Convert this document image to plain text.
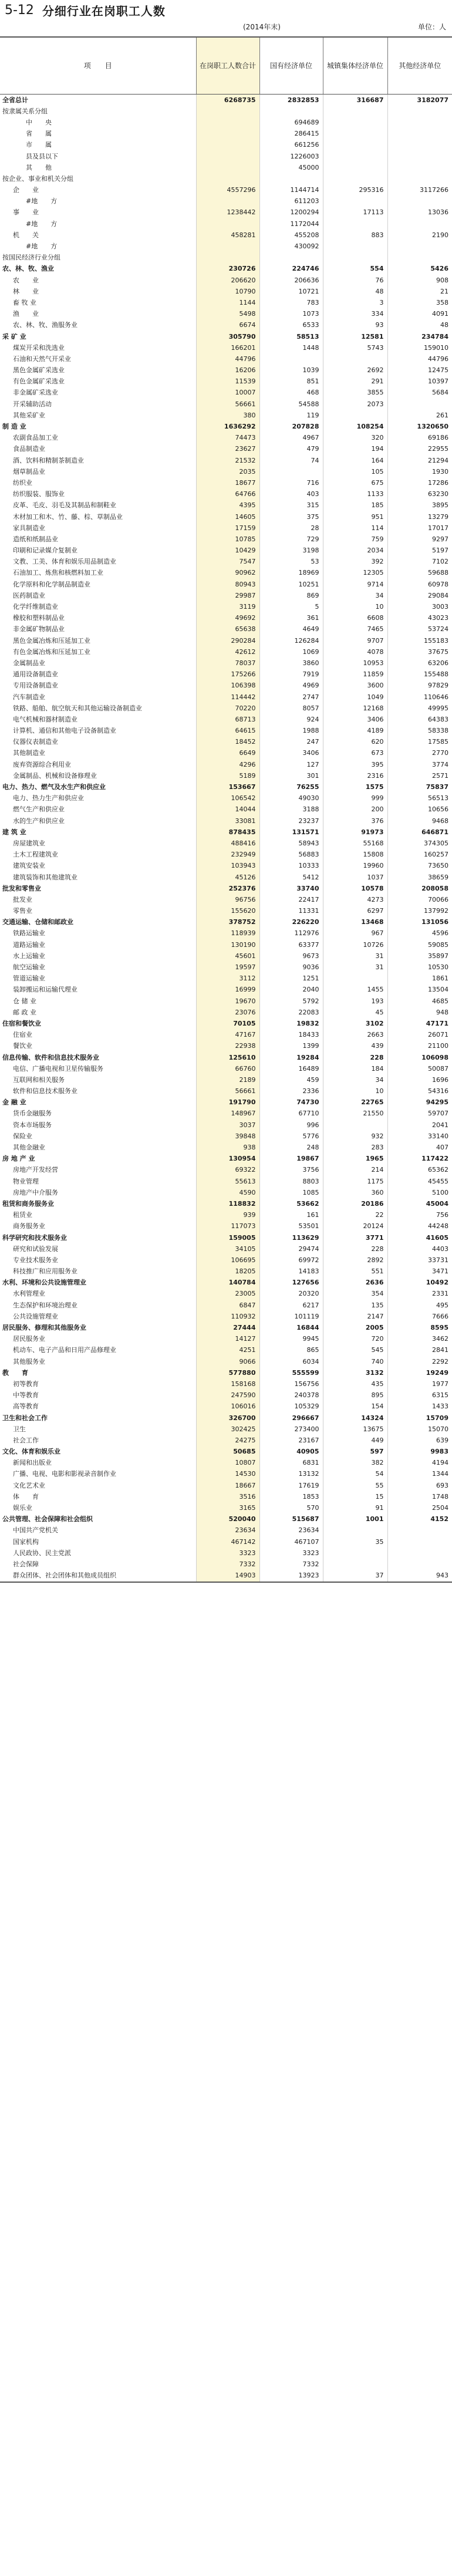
5-12 分细行业在岗职工人数
(2014年末)	单位：人
项　　目	在岗职工人数合计	国有经济单位	城镇集体经济单位	其他经济单位
全省总计	6268735	2832853	316687	3182077
按隶属关系分组				
中　　央		694689		
省　　属		286415		
市　　属		661256		
县及县以下		1226003		
其　　他		45000		
按企业、事业和机关分组				
企　　业	4557296	1144714	295316	3117266
#地　　方		611203		
事　　业	1238442	1200294	17113	13036
#地　　方		1172044		
机　　关	458281	455208	883	2190
#地　　方		430092		
按国民经济行业分组				
农、林、牧、渔业	230726	224746	554	5426
农　　业	206620	206636	76	908
林　　业	10790	10721	48	21
畜 牧 业	1144	783	3	358
渔　　业	5498	1073	334	4091
农、林、牧、渔服务业	6674	6533	93	48
采 矿 业	305790	58513	12581	234784
煤炭开采和洗选业	166201	1448	5743	159010
石油和天然气开采业	44796			44796
黑色金属矿采选业	16206	1039	2692	12475
有色金属矿采选业	11539	851	291	10397
非金属矿采选业	10007	468	3855	5684
开采辅助活动	56661	54588	2073	
其他采矿业	380	119		261
制 造 业	1636292	207828	108254	1320650
农副食品加工业	74473	4967	320	69186
食品制造业	23627	479	194	22955
酒、饮料和精制茶制造业	21532	74	164	21294
烟草制品业	2035		105	1930
纺织业	18677	716	675	17286
纺织服装、服饰业	64766	403	1133	63230
皮革、毛皮、羽毛及其制品和制鞋业	4395	315	185	3895
木材加工和木、竹、藤、棕、草制品业	14605	375	951	13279
家具制造业	17159	28	114	17017
造纸和纸制品业	10785	729	759	9297
印刷和记录媒介复制业	10429	3198	2034	5197
文教、工美、体育和娱乐用品制造业	7547	53	392	7102
石油加工、炼焦和核燃料加工业	90962	18969	12305	59688
化学原料和化学制品制造业	80943	10251	9714	60978
医药制造业	29987	869	34	29084
化学纤维制造业	3119	5	10	3003
橡胶和塑料制品业	49692	361	6608	43023
非金属矿物制品业	65638	4649	7465	53724
黑色金属冶炼和压延加工业	290284	126284	9707	155183
有色金属冶炼和压延加工业	42612	1069	4078	37675
金属制品业	78037	3860	10953	63206
通用设备制造业	175266	7919	11859	155488
专用设备制造业	106398	4969	3600	97829
汽车制造业	114442	2747	1049	110646
铁路、船舶、航空航天和其他运输设备制造业	70220	8057	12168	49995
电气机械和器材制造业	68713	924	3406	64383
计算机、通信和其他电子设备制造业	64615	1988	4189	58338
仪器仪表制造业	18452	247	620	17585
其他制造业	6649	3406	673	2770
废弃资源综合利用业	4296	127	395	3774
金属制品、机械和设备修理业	5189	301	2316	2571
电力、热力、燃气及水生产和供应业	153667	76255	1575	75837
电力、热力生产和供应业	106542	49030	999	56513
燃气生产和供应业	14044	3188	200	10656
水的生产和供应业	33081	23237	376	9468
建 筑 业	878435	131571	91973	646871
房屋建筑业	488416	58943	55168	374305
土木工程建筑业	232949	56883	15808	160257
建筑安装业	103943	10333	19960	73650
建筑装饰和其他建筑业	45126	5412	1037	38659
批发和零售业	252376	33740	10578	208058
批发业	96756	22417	4273	70066
零售业	155620	11331	6297	137992
交通运输、仓储和邮政业	378752	226220	13468	131056
铁路运输业	118939	112976	967	4596
道路运输业	130190	63377	10726	59085
水上运输业	45601	9673	31	35897
航空运输业	19597	9036	31	10530
管道运输业	3112	1251		1861
装卸搬运和运输代理业	16999	2040	1455	13504
仓 储 业	19670	5792	193	4685
邮 政 业	23076	22083	45	948
住宿和餐饮业	70105	19832	3102	47171
住宿业	47167	18433	2663	26071
餐饮业	22938	1399	439	21100
信息传输、软件和信息技术服务业	125610	19284	228	106098
电信、广播电视和卫星传输服务	66760	16489	184	50087
互联网和相关服务	2189	459	34	1696
软件和信息技术服务业	56661	2336	10	54316
金 融 业	191790	74730	22765	94295
货币金融服务	148967	67710	21550	59707
资本市场服务	3037	996		2041
保险业	39848	5776	932	33140
其他金融业	938	248	283	407
房 地 产 业	130954	19867	1965	117422
房地产开发经营	69322	3756	214	65362
物业管理	55613	8803	1175	45455
房地产中介服务	4590	1085	360	5100
租赁和商务服务业	118832	53662	20186	45004
租赁业	939	161	22	756
商务服务业	117073	53501	20124	44248
科学研究和技术服务业	159005	113629	3771	41605
研究和试验发展	34105	29474	228	4403
专业技术服务业	106695	69972	2892	33731
科技推广和应用服务业	18205	14183	551	3471
水利、环境和公共设施管理业	140784	127656	2636	10492
水利管理业	23005	20320	354	2331
生态保护和环境治理业	6847	6217	135	495
公共设施管理业	110932	101119	2147	7666
居民服务、修理和其他服务业	27444	16844	2005	8595
居民服务业	14127	9945	720	3462
机动车、电子产品和日用产品修理业	4251	865	545	2841
其他服务业	9066	6034	740	2292
教　　育	577880	555599	3132	19249
初等教育	158168	156756	435	1977
中等教育	247590	240378	895	6315
高等教育	106016	105329	154	1433
卫生和社会工作	326700	296667	14324	15709
卫生	302425	273400	13675	15070
社会工作	24275	23167	449	639
文化、体育和娱乐业	50685	40905	597	9983
新闻和出版业	10807	6831	382	4194
广播、电视、电影和影视录音制作业	14530	13132	54	1344
文化艺术业	18667	17619	55	693
体　　育	3516	1853	15	1748
娱乐业	3165	570	91	2504
公共管理、社会保障和社会组织	520040	515687	1001	4152
中国共产党机关	23634	23634		
国家机构	467142	467107	35	
人民政协、民主党派	3323	3323		
社会保障	7332	7332		
群众团体、社会团体和其他成员组织	14903	13923	37	943
